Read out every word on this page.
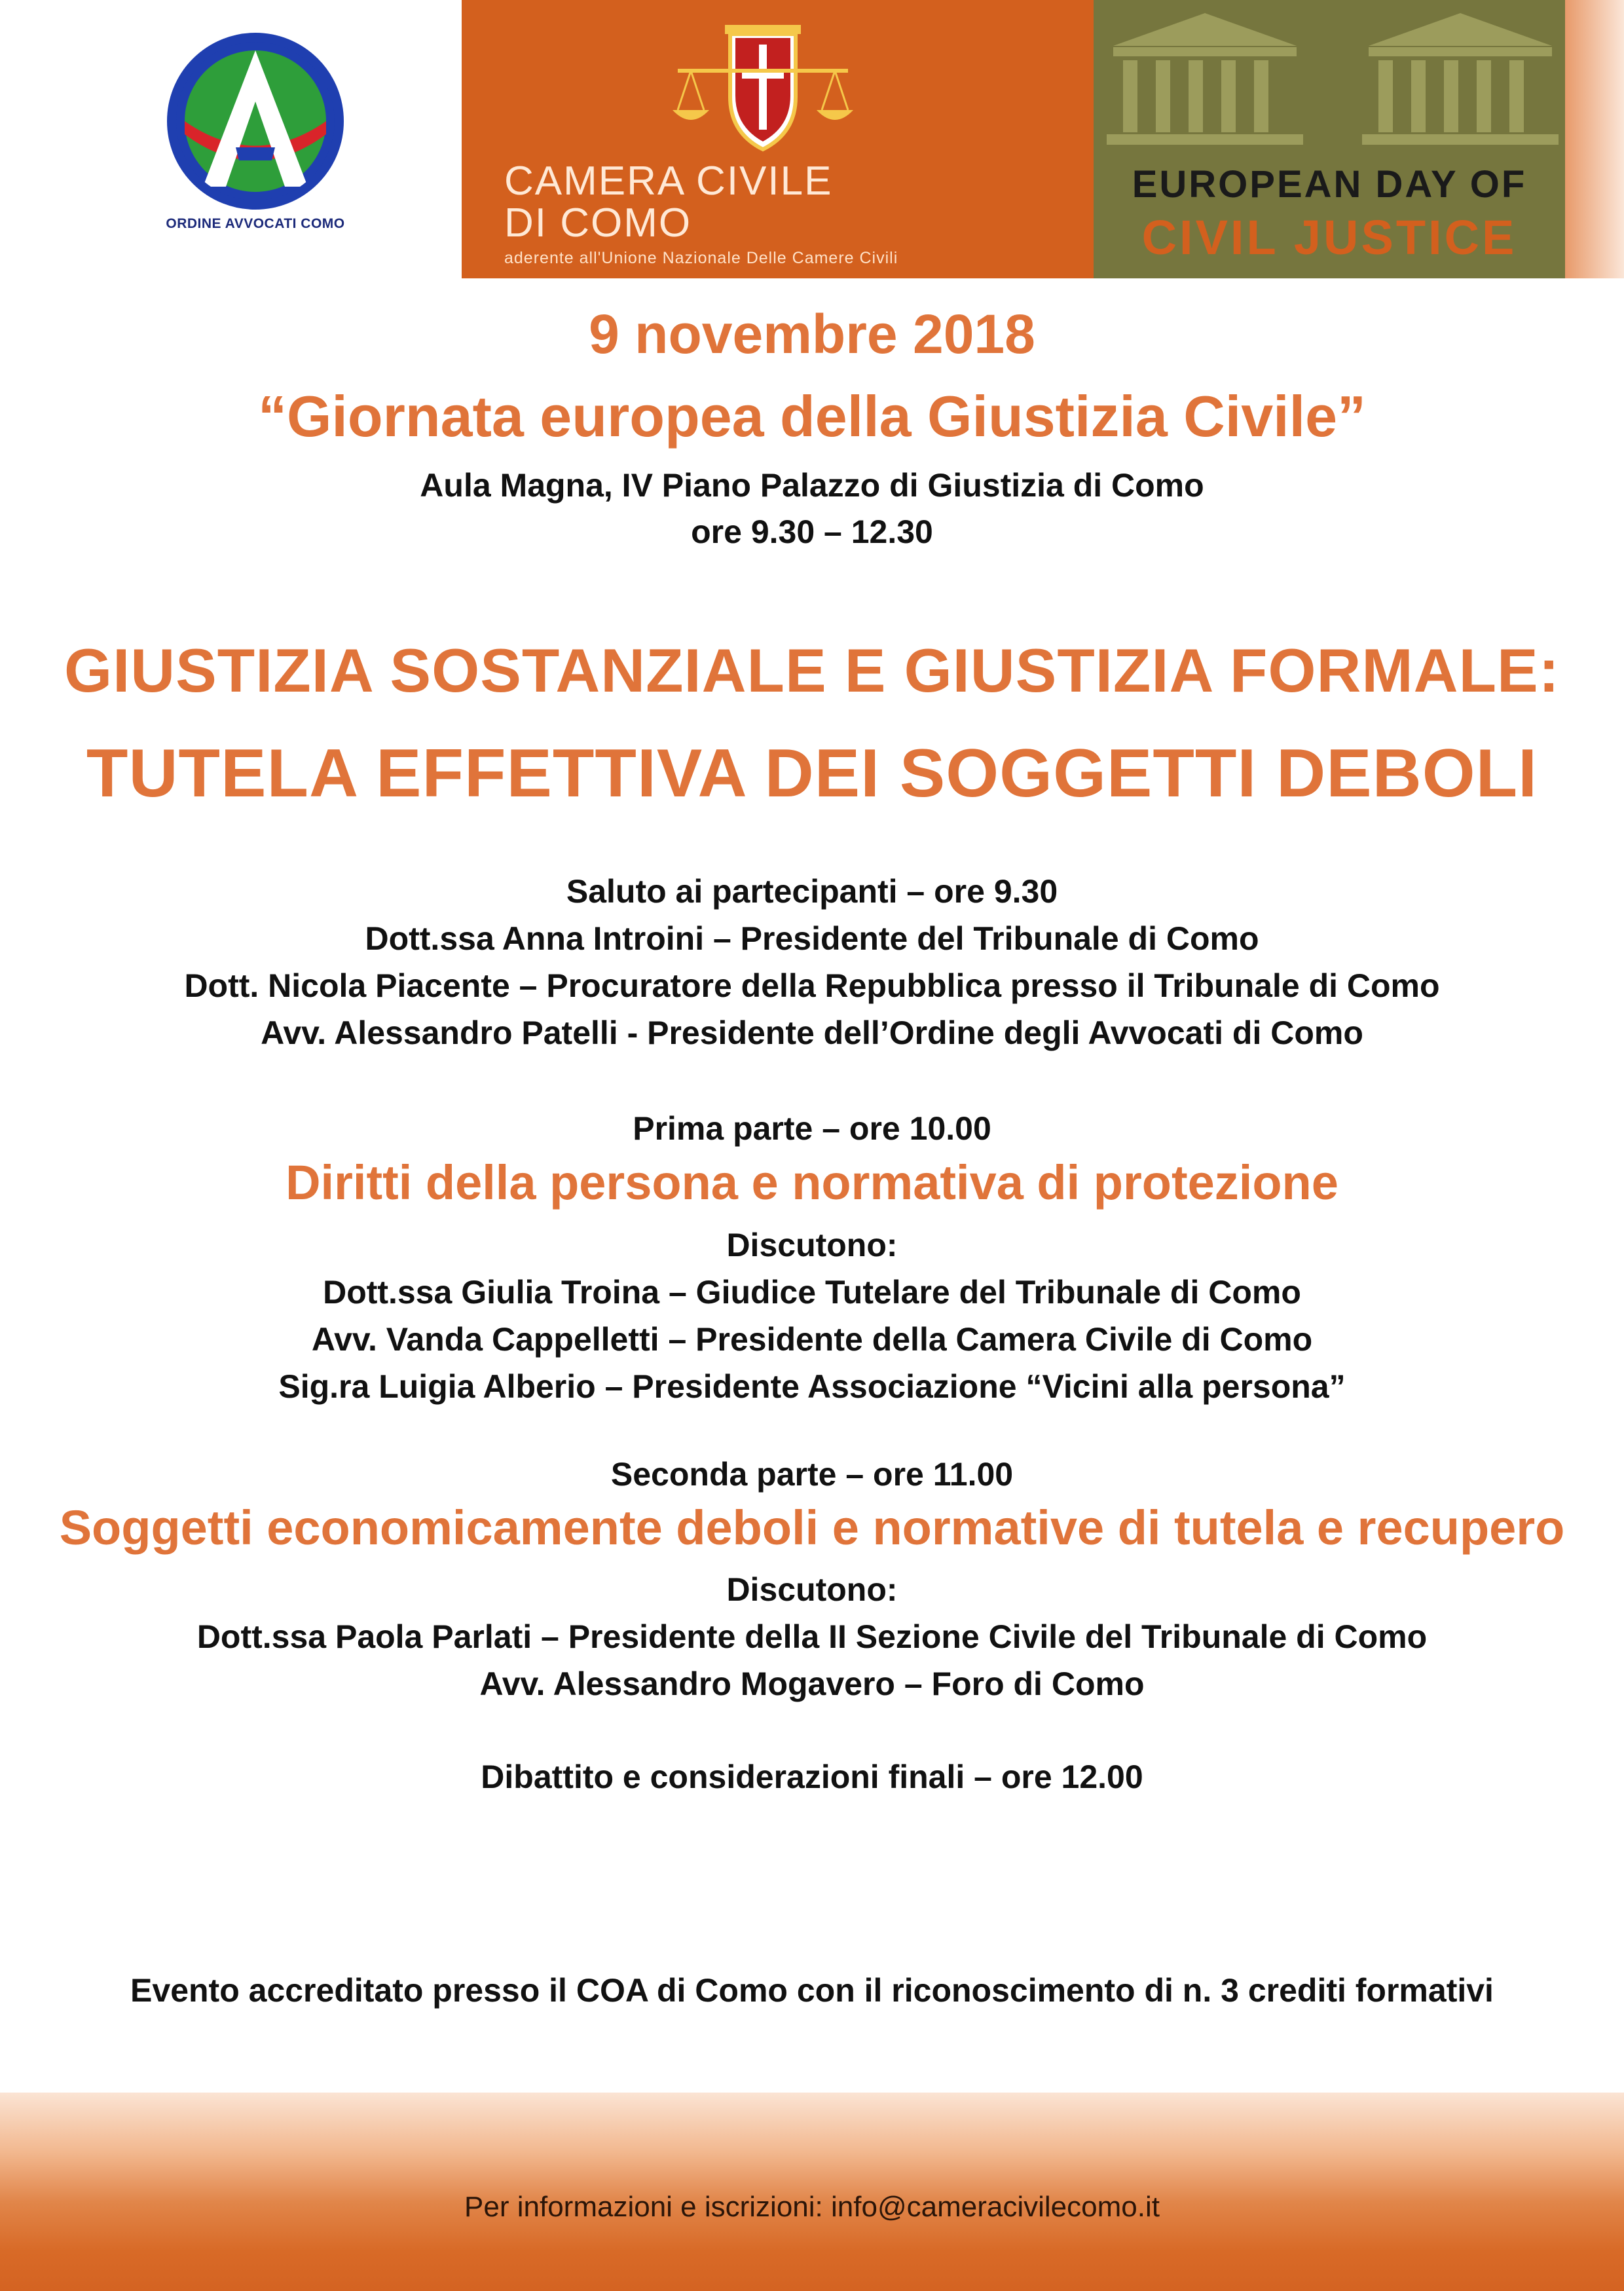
ORDINE AVVOCATI COMO
CAMERA CIVILE
DI COMO
aderente all'Unione Nazionale Delle Camere Civili
EUROPEAN DAY OF
CIVIL JUSTICE
9 novembre 2018
“Giornata europea della Giustizia Civile”
Aula Magna, IV Piano Palazzo di Giustizia di Como
ore 9.30 – 12.30
GIUSTIZIA SOSTANZIALE E GIUSTIZIA FORMALE:
TUTELA EFFETTIVA DEI SOGGETTI DEBOLI
Saluto ai partecipanti – ore 9.30
Dott.ssa Anna Introini – Presidente del Tribunale di Como
Dott. Nicola Piacente – Procuratore della Repubblica presso il Tribunale di Como
Avv. Alessandro Patelli - Presidente dell’Ordine degli Avvocati di Como
Prima parte – ore 10.00
Diritti della persona e normativa di protezione
Discutono:
Dott.ssa Giulia Troina – Giudice Tutelare del Tribunale di Como
Avv. Vanda Cappelletti – Presidente della Camera Civile di Como
Sig.ra Luigia Alberio – Presidente Associazione “Vicini alla persona”
Seconda parte – ore 11.00
Soggetti economicamente deboli e normative di tutela e recupero
Discutono:
Dott.ssa Paola Parlati – Presidente della II Sezione Civile del Tribunale di Como
Avv. Alessandro Mogavero – Foro di Como
Dibattito e considerazioni finali – ore 12.00
Evento accreditato presso il COA di Como con il riconoscimento di n. 3 crediti formativi
Per informazioni e iscrizioni: info@cameracivilecomo.it
